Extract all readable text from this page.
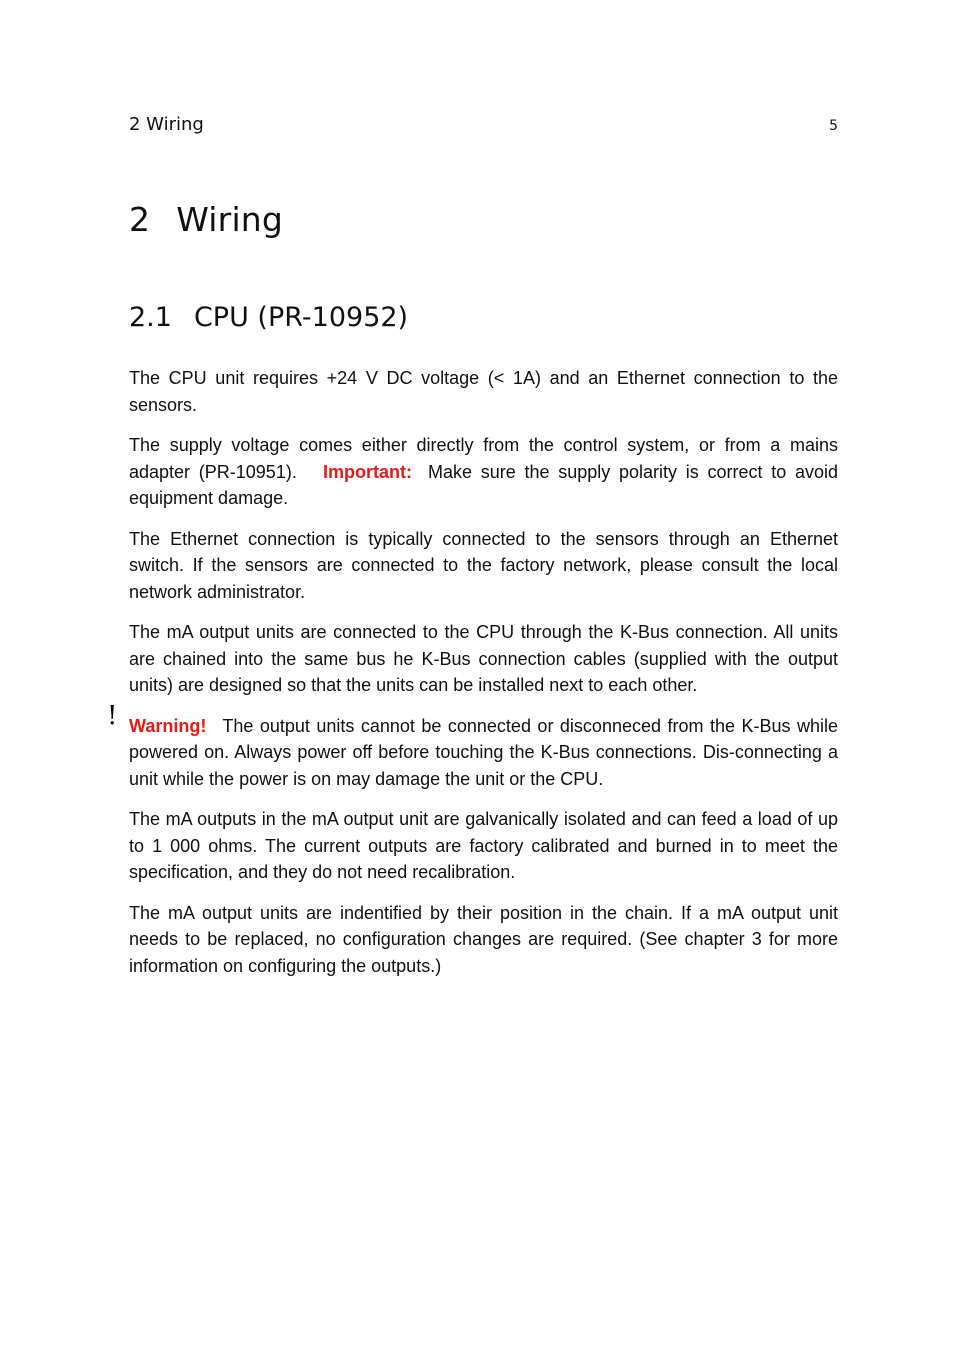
2 Wiring	5
2 Wiring
2.1 CPU (PR-10952)

The CPU unit requires +24 V DC voltage (< 1A) and an Ethernet connection to the sensors.

The supply voltage comes either directly from the control system, or from a mains adapter (PR-10951). Important: Make sure the supply polarity is correct to avoid equipment damage.

The Ethernet connection is typically connected to the sensors through an Ethernet switch. If the sensors are connected to the factory network, please consult the local network administrator.

The mA output units are connected to the CPU through the K-Bus connection. All units are chained into the same bus he K-Bus connection cables (supplied with the output units) are designed so that the units can be installed next to each other.

! Warning! The output units cannot be connected or disconneced from the K-Bus while powered on. Always power off before touching the K-Bus connections. Dis-connecting a unit while the power is on may damage the unit or the CPU.

The mA outputs in the mA output unit are galvanically isolated and can feed a load of up to 1 000 ohms. The current outputs are factory calibrated and burned in to meet the specification, and they do not need recalibration.

The mA output units are indentified by their position in the chain. If a mA output unit needs to be replaced, no configuration changes are required. (See chapter 3 for more information on configuring the outputs.)
